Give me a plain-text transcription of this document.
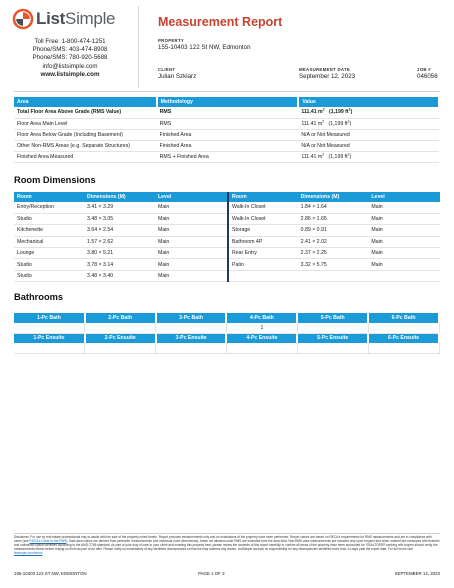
ListSimple
Toll Free: 1-800-474-1251
Phone/SMS: 403-474-8908
Phone/SMS: 780-920-5688
info@listsimple.com
www.listsimple.com
Measurement Report
PROPERTY
155-10403 122 St NW, Edmonton
CLIENT
Julian Szklarz
MEASUREMENT DATE
September 12, 2023
JOB #
046056
Area	Methodology	Value
Total Floor Area Above Grade (RMS Value)	RMS	111.41 $m^2$ (1,199 $ft^2$)
Floor Area Main Level	RMS	111.41 $m^2$ (1,199 $ft^2$)
Floor Area Below Grade (Including Basement)	Finished Area	N/A or Not Measured
Other Non-RMS Areas (e.g. Separate Structures)	Finished Area	N/A or Not Measured
Finished Area Measured	RMS + Finished Area	111.41 $m^2$ (1,199 $ft^2$)
Room Dimensions
Room	Dimensions (M)	Level
Entry/Reception	3.41 × 3.29	Main
Studio	3.48 × 3.05	Main
Kitchenette	3.64 × 2.54	Main
Mechanical	1.57 × 2.62	Main
Lounge	3.80 × 5.21	Main
Studio	3.78 × 3.14	Main
Studio	3.48 × 3.40	Main
Room	Dimensions (M)	Level
Walk-In Closet	1.84 × 1.64	Main
Walk-In Closet	2.86 × 1.65	Main
Storage	0.89 × 0.91	Main
Bathroom 4P	2.41 × 2.02	Main
Rear Entry	2.37 × 2.25	Main
Patio	3.32 × 5.75	Main

Bathrooms
1-Pc Bath	2-Pc Bath	3-Pc Bath	4-Pc Bath	5-Pc Bath	6-Pc Bath
			1		
1-Pc Ensuite	2-Pc Ensuite	3-Pc Ensuite	4-Pc Ensuite	5-Pc Ensuite	6-Pc Ensuite

Disclaimer: For use by real estate professionals only to assist with the sale of the property noted herein. Report provides measurements only and no evaluations of the property have been performed. Report values are based on RECA's requirements for RMS measurements and are in compliance with same (see RECA's Guide to the RMS). Said area values are derived from perimeter measurements (not individual room dimensions). Areas not allowed under RMS are excluded from the area total. Non-RMS area measurements are included only upon request and when ordered are measured with finished and unfinished space identified according to the ANSI Z765 standard. As part of your duty of care to your client and knowing this property best, please review the contents of this report carefully to confirm all areas of the property have been accounted for. REALTORS® working with buyers should verify the measurements herein before relying on them as part of an offer. Please notify us immediately of any identified discrepancies so that we may address any issues. ListSimple accepts no responsibility for any discrepancies identified more than 14 days past the report date. For full terms visit listsimple.com/terms
155-10403 122 ST NW, EDMONTON	PAGE 1 OF 3	SEPTEMBER 12, 2023
